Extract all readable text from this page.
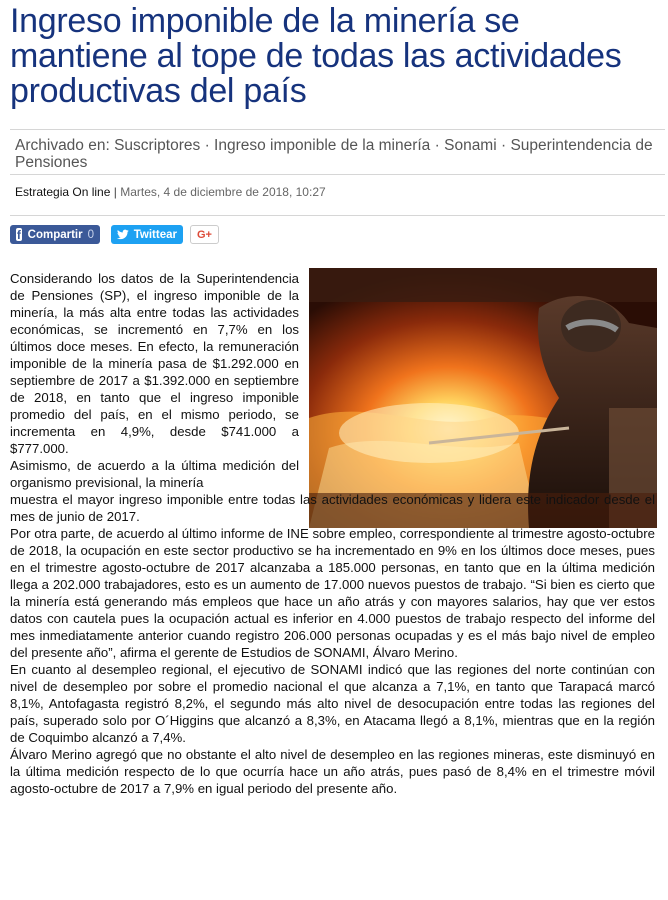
Ingreso imponible de la minería se mantiene al tope de todas las actividades productivas del país
Archivado en: Suscriptores · Ingreso imponible de la minería · Sonami · Superintendencia de Pensiones
Estrategia On line | Martes, 4 de diciembre de 2018, 10:27
f Compartir 0	Twittear G+

Considerando los datos de la Superintendencia de Pensiones (SP), el ingreso imponible de la minería, la más alta entre todas las actividades económicas, se incrementó en 7,7% en los últimos doce meses. En efecto, la remuneración imponible de la minería pasa de $1.292.000 en septiembre de 2017 a $1.392.000 en septiembre de 2018, en tanto que el ingreso imponible promedio del país, en el mismo periodo, se incrementa en 4,9%, desde $741.000 a $777.000.

Asimismo, de acuerdo a la última medición del organismo previsional, la minería

muestra el mayor ingreso imponible entre todas las actividades económicas y lidera este indicador desde el mes de junio de 2017.

Por otra parte, de acuerdo al último informe de INE sobre empleo, correspondiente al trimestre agosto-octubre de 2018, la ocupación en este sector productivo se ha incrementado en 9% en los últimos doce meses, pues en el trimestre agosto-octubre de 2017 alcanzaba a 185.000 personas, en tanto que en la última medición llega a 202.000 trabajadores, esto es un aumento de 17.000 nuevos puestos de trabajo. “Si bien es cierto que la minería está generando más empleos que hace un año atrás y con mayores salarios, hay que ver estos datos con cautela pues la ocupación actual es inferior en 4.000 puestos de trabajo respecto del informe del mes inmediatamente anterior cuando registro 206.000 personas ocupadas y es el más bajo nivel de empleo del presente año”, afirma el gerente de Estudios de SONAMI, Álvaro Merino.

En cuanto al desempleo regional, el ejecutivo de SONAMI indicó que las regiones del norte continúan con nivel de desempleo por sobre el promedio nacional el que alcanza a 7,1%, en tanto que Tarapacá marcó 8,1%, Antofagasta registró 8,2%, el segundo más alto nivel de desocupación entre todas las regiones del país, superado solo por O´Higgins que alcanzó a 8,3%, en Atacama llegó a 8,1%, mientras que en la región de Coquimbo alcanzó a 7,4%.

Álvaro Merino agregó que no obstante el alto nivel de desempleo en las regiones mineras, este disminuyó en la última medición respecto de lo que ocurría hace un año atrás, pues pasó de 8,4% en el trimestre móvil agosto-octubre de 2017 a 7,9% en igual periodo del presente año.
